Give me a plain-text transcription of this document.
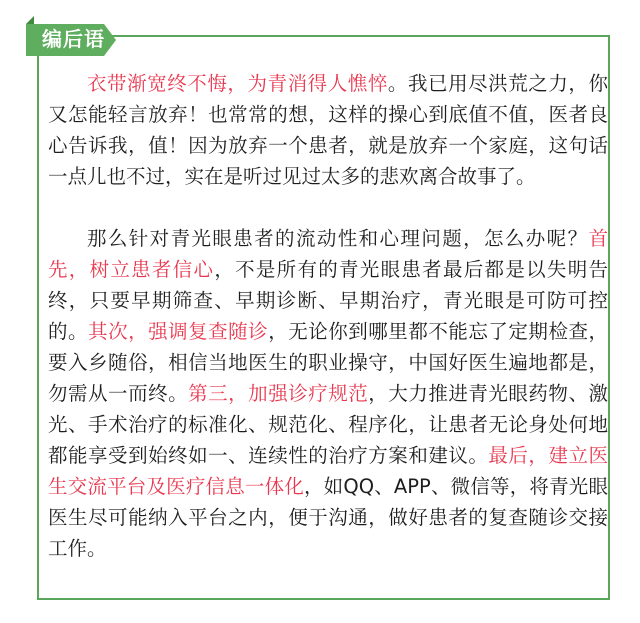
编后语

衣带渐宽终不悔，为青消得人憔悴。我已用尽洪荒之力，你又怎能轻言放弃！也常常的想，这样的操心到底值不值，医者良心告诉我，值！因为放弃一个患者，就是放弃一个家庭，这句话一点儿也不过，实在是听过见过太多的悲欢离合故事了。

那么针对青光眼患者的流动性和心理问题，怎么办呢？首先，树立患者信心，不是所有的青光眼患者最后都是以失明告终，只要早期筛查、早期诊断、早期治疗，青光眼是可防可控的。其次，强调复查随诊，无论你到哪里都不能忘了定期检查，要入乡随俗，相信当地医生的职业操守，中国好医生遍地都是，勿需从一而终。第三，加强诊疗规范，大力推进青光眼药物、激光、手术治疗的标准化、规范化、程序化，让患者无论身处何地都能享受到始终如一、连续性的治疗方案和建议。最后，建立医生交流平台及医疗信息一体化，如QQ、APP、微信等，将青光眼医生尽可能纳入平台之内，便于沟通，做好患者的复查随诊交接工作。
